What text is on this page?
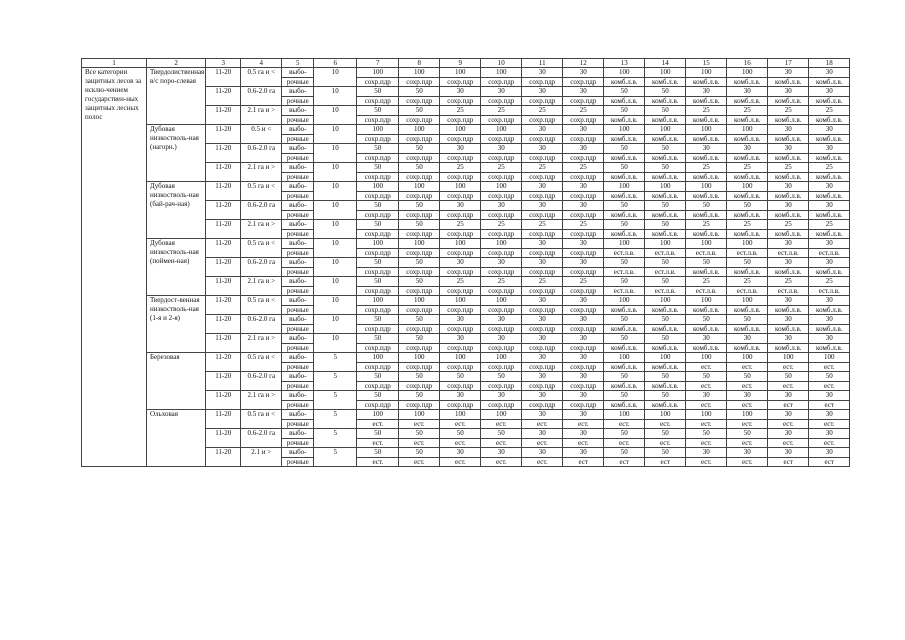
1	2	3	4	5	6	7	8	9	10	11	12	13	14	15	16	17	18
Все категории защитных лесов за исклю-чением государствен-ных защитных лесных полос	Твердолиственная в/с поро-слевая	11-20	0.5 га и <	выбо-	10	100	100	100	100	30	30	100	100	100	100	30	30
				рочные		сохр.пдр	сохр.пдр	сохр.пдр	сохр.пдр	сохр.пдр	сохр.пдр	комб.л.в.	комб.л.в.	комб.л.в.	комб.л.в.	комб.л.в.	комб.л.в.
		11-20	0.6-2.0 га	выбо-	10	50	50	30	30	30	30	50	50	30	30	30	30
				рочные		сохр.пдр	сохр.пдр	сохр.пдр	сохр.пдр	сохр.пдр	сохр.пдр	комб.л.в.	комб.л.в.	комб.л.в.	комб.л.в.	комб.л.в.	комб.л.в.
		11-20	2.1 га и >	выбо-	10	50	50	25	25	25	25	50	50	25	25	25	25
				рочные		сохр.пдр	сохр.пдр	сохр.пдр	сохр.пдр	сохр.пдр	сохр.пдр	комб.л.в.	комб.л.в.	комб.л.в.	комб.л.в.	комб.л.в.	комб.л.в.
	Дубовая низкостволь-ная (нагорн.)	11-20	0.5 и <	выбо-	10	100	100	100	100	30	30	100	100	100	100	30	30
				рочные		сохр.пдр	сохр.пдр	сохр.пдр	сохр.пдр	сохр.пдр	сохр.пдр	комб.л.в.	комб.л.в.	комб.л.в.	комб.л.в.	комб.л.в.	комб.л.в.
		11-20	0.6-2.0 га	выбо-	10	50	50	30	30	30	30	50	50	30	30	30	30
				рочные		сохр.пдр	сохр.пдр	сохр.пдр	сохр.пдр	сохр.пдр	сохр.пдр	комб.л.в.	комб.л.в.	комб.л.в.	комб.л.в.	комб.л.в.	комб.л.в.
		11-20	2.1 га и >	выбо-	10	50	50	25	25	25	25	50	50	25	25	25	25
				рочные		сохр.пдр	сохр.пдр	сохр.пдр	сохр.пдр	сохр.пдр	сохр.пдр	комб.л.в.	комб.л.в.	комб.л.в.	комб.л.в.	комб.л.в.	комб.л.в.
	Дубовая низкостволь-ная (бай-рач-ная)	11-20	0.5 га и <	выбо-	10	100	100	100	100	30	30	100	100	100	100	30	30
				рочные		сохр.пдр	сохр.пдр	сохр.пдр	сохр.пдр	сохр.пдр	сохр.пдр	комб.л.в.	комб.л.в.	комб.л.в.	комб.л.в.	комб.л.в.	комб.л.в.
		11-20	0.6-2.0 га	выбо-	10	50	50	30	30	30	30	50	50	50	50	30	30
				рочные		сохр.пдр	сохр.пдр	сохр.пдр	сохр.пдр	сохр.пдр	сохр.пдр	комб.л.в.	комб.л.в.	комб.л.в.	комб.л.в.	комб.л.в.	комб.л.в.
		11-20	2.1 га и >	выбо-	10	50	50	25	25	25	25	50	50	25	25	25	25
				рочные		сохр.пдр	сохр.пдр	сохр.пдр	сохр.пдр	сохр.пдр	сохр.пдр	комб.л.в.	комб.л.в.	комб.л.в.	комб.л.в.	комб.л.в.	комб.л.в.
	Дубовая низкостволь-ная (поймен-ная)	11-20	0.5 га и <	выбо-	10	100	100	100	100	30	30	100	100	100	100	30	30
				рочные		сохр.пдр	сохр.пдр	сохр.пдр	сохр.пдр	сохр.пдр	сохр.пдр	ест.л.в.	ест.л.в.	ест.л.в.	ест.л.в.	ест.л.в.	ест.л.в.
		11-20	0.6-2.0 га	выбо-	10	50	50	30	30	30	30	50	50	50	50	30	30
				рочные		сохр.пдр	сохр.пдр	сохр.пдр	сохр.пдр	сохр.пдр	сохр.пдр	ест.л.в.	ест.л.в.	комб.л.в.	комб.л.в.	комб.л.в.	комб.л.в.
		11-20	2.1 га и >	выбо-	10	50	50	25	25	25	25	50	50	25	25	25	25
				рочные		сохр.пдр	сохр.пдр	сохр.пдр	сохр.пдр	сохр.пдр	сохр.пдр	ест.л.в.	ест.л.в.	ест.л.в.	ест.л.в.	ест.л.в.	ест.л.в.
	Твердост-венная низкостволь-ная (1-я и 2-я)	11-20	0.5 га и <	выбо-	10	100	100	100	100	30	30	100	100	100	100	30	30
				рочные		сохр.пдр	сохр.пдр	сохр.пдр	сохр.пдр	сохр.пдр	сохр.пдр	комб.л.в.	комб.л.в.	комб.л.в.	комб.л.в.	комб.л.в.	комб.л.в.
		11-20	0.6-2.0 га	выбо-	10	50	50	30	30	30	30	50	50	50	50	30	30
				рочные		сохр.пдр	сохр.пдр	сохр.пдр	сохр.пдр	сохр.пдр	сохр.пдр	комб.л.в.	комб.л.в.	комб.л.в.	комб.л.в.	комб.л.в.	комб.л.в.
		11-20	2.1 га и >	выбо-	10	50	50	30	30	30	30	50	50	30	30	30	30
				рочные		сохр.пдр	сохр.пдр	сохр.пдр	сохр.пдр	сохр.пдр	сохр.пдр	комб.л.в.	комб.л.в.	комб.л.в.	комб.л.в.	комб.л.в.	комб.л.в.
	Березовая	11-20	0.5 га и <	выбо-	5	100	100	100	100	30	30	100	100	100	100	100	100
				рочные		сохр.пдр	сохр.пдр	сохр.пдр	сохр.пдр	сохр.пдр	сохр.пдр	комб.л.в.	комб.л.в.	ест.	ест.	ест.	ест.
		11-20	0.6-2.0 га	выбо-	5	50	50	50	50	30	30	50	50	50	50	50	50
				рочные		сохр.пдр	сохр.пдр	сохр.пдр	сохр.пдр	сохр.пдр	сохр.пдр	комб.л.в.	комб.л.в.	ест.	ест.	ест.	ест.
		11-20	2.1 га и >	выбо-	5	50	50	30	30	30	30	50	50	30	30	30	30
				рочные		сохр.пдр	сохр.пдр	сохр.пдр	сохр.пдр	сохр.пдр	сохр.пдр	комб.л.в.	комб.л.в.	ест.	ест.	ест	ест
	Ольховая	11-20	0.5 га и <	выбо-	5	100	100	100	100	30	30	100	100	100	100	30	30
				рочные		ест.	ест.	ест.	ест.	ест.	ест.	ест.	ест.	ест.	ест.	ест.	ест.
		11-20	0.6-2.0 га	выбо-	5	50	50	50	50	30	30	50	50	50	50	30	30
				рочные		ест.	ест.	ест.	ест.	ест.	ест.	ест.	ест.	ест.	ест.	ест.	ест.
		11-20	2.1 и >	выбо-	5	50	50	30	30	30	30	50	50	30	30	30	30
				рочные		ест.	ест.	ест.	ест.	ест.	ест	ест	ест	ест.	ест.	ест	ест
